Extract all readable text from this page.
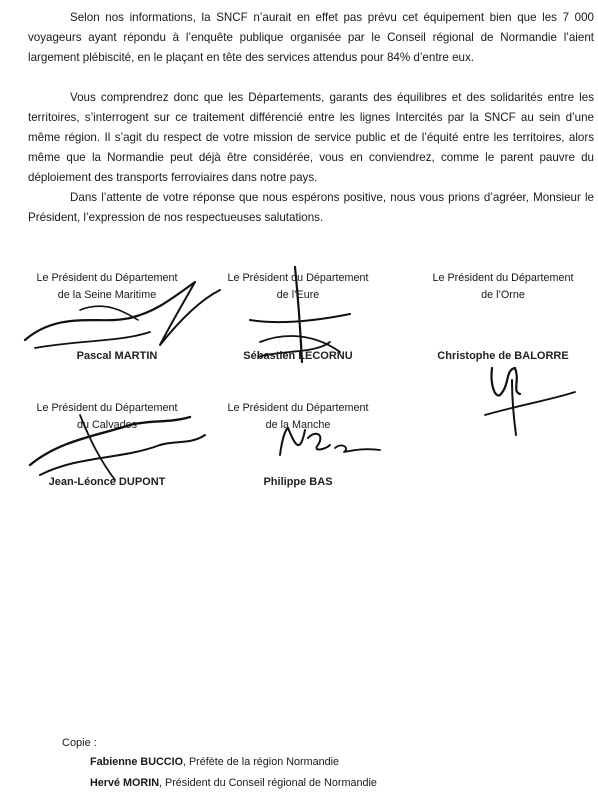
Selon nos informations, la SNCF n’aurait en effet pas prévu cet équipement bien que les 7 000 voyageurs ayant répondu à l’enquête publique organisée par le Conseil régional de Normandie l’aient largement plébiscité, en le plaçant en tête des services attendus pour 84% d’entre eux.

Vous comprendrez donc que les Départements, garants des équilibres et des solidarités entre les territoires, s’interrogent sur ce traitement différencié entre les lignes Intercités par la SNCF au sein d’une même région. Il s’agit du respect de votre mission de service public et de l’équité entre les territoires, alors même que la Normandie peut déjà être considérée, vous en conviendrez, comme le parent pauvre du déploiement des transports ferroviaires dans notre pays.

Dans l’attente de votre réponse que nous espérons positive, nous vous prions d’agréer, Monsieur le Président, l’expression de nos respectueuses salutations.

Le Président du Département
de la Seine Maritime
Pascal MARTIN
Le Président du Département
de l’Eure
Sébastien LECORNU
Le Président du Département
de l’Orne
Christophe de BALORRE
Le Président du Département
du Calvados
Jean-Léonce DUPONT
Le Président du Département
de la Manche
Philippe BAS
Copie :
Fabienne BUCCIO, Préfète de la région Normandie
Hervé MORIN, Président du Conseil régional de Normandie
